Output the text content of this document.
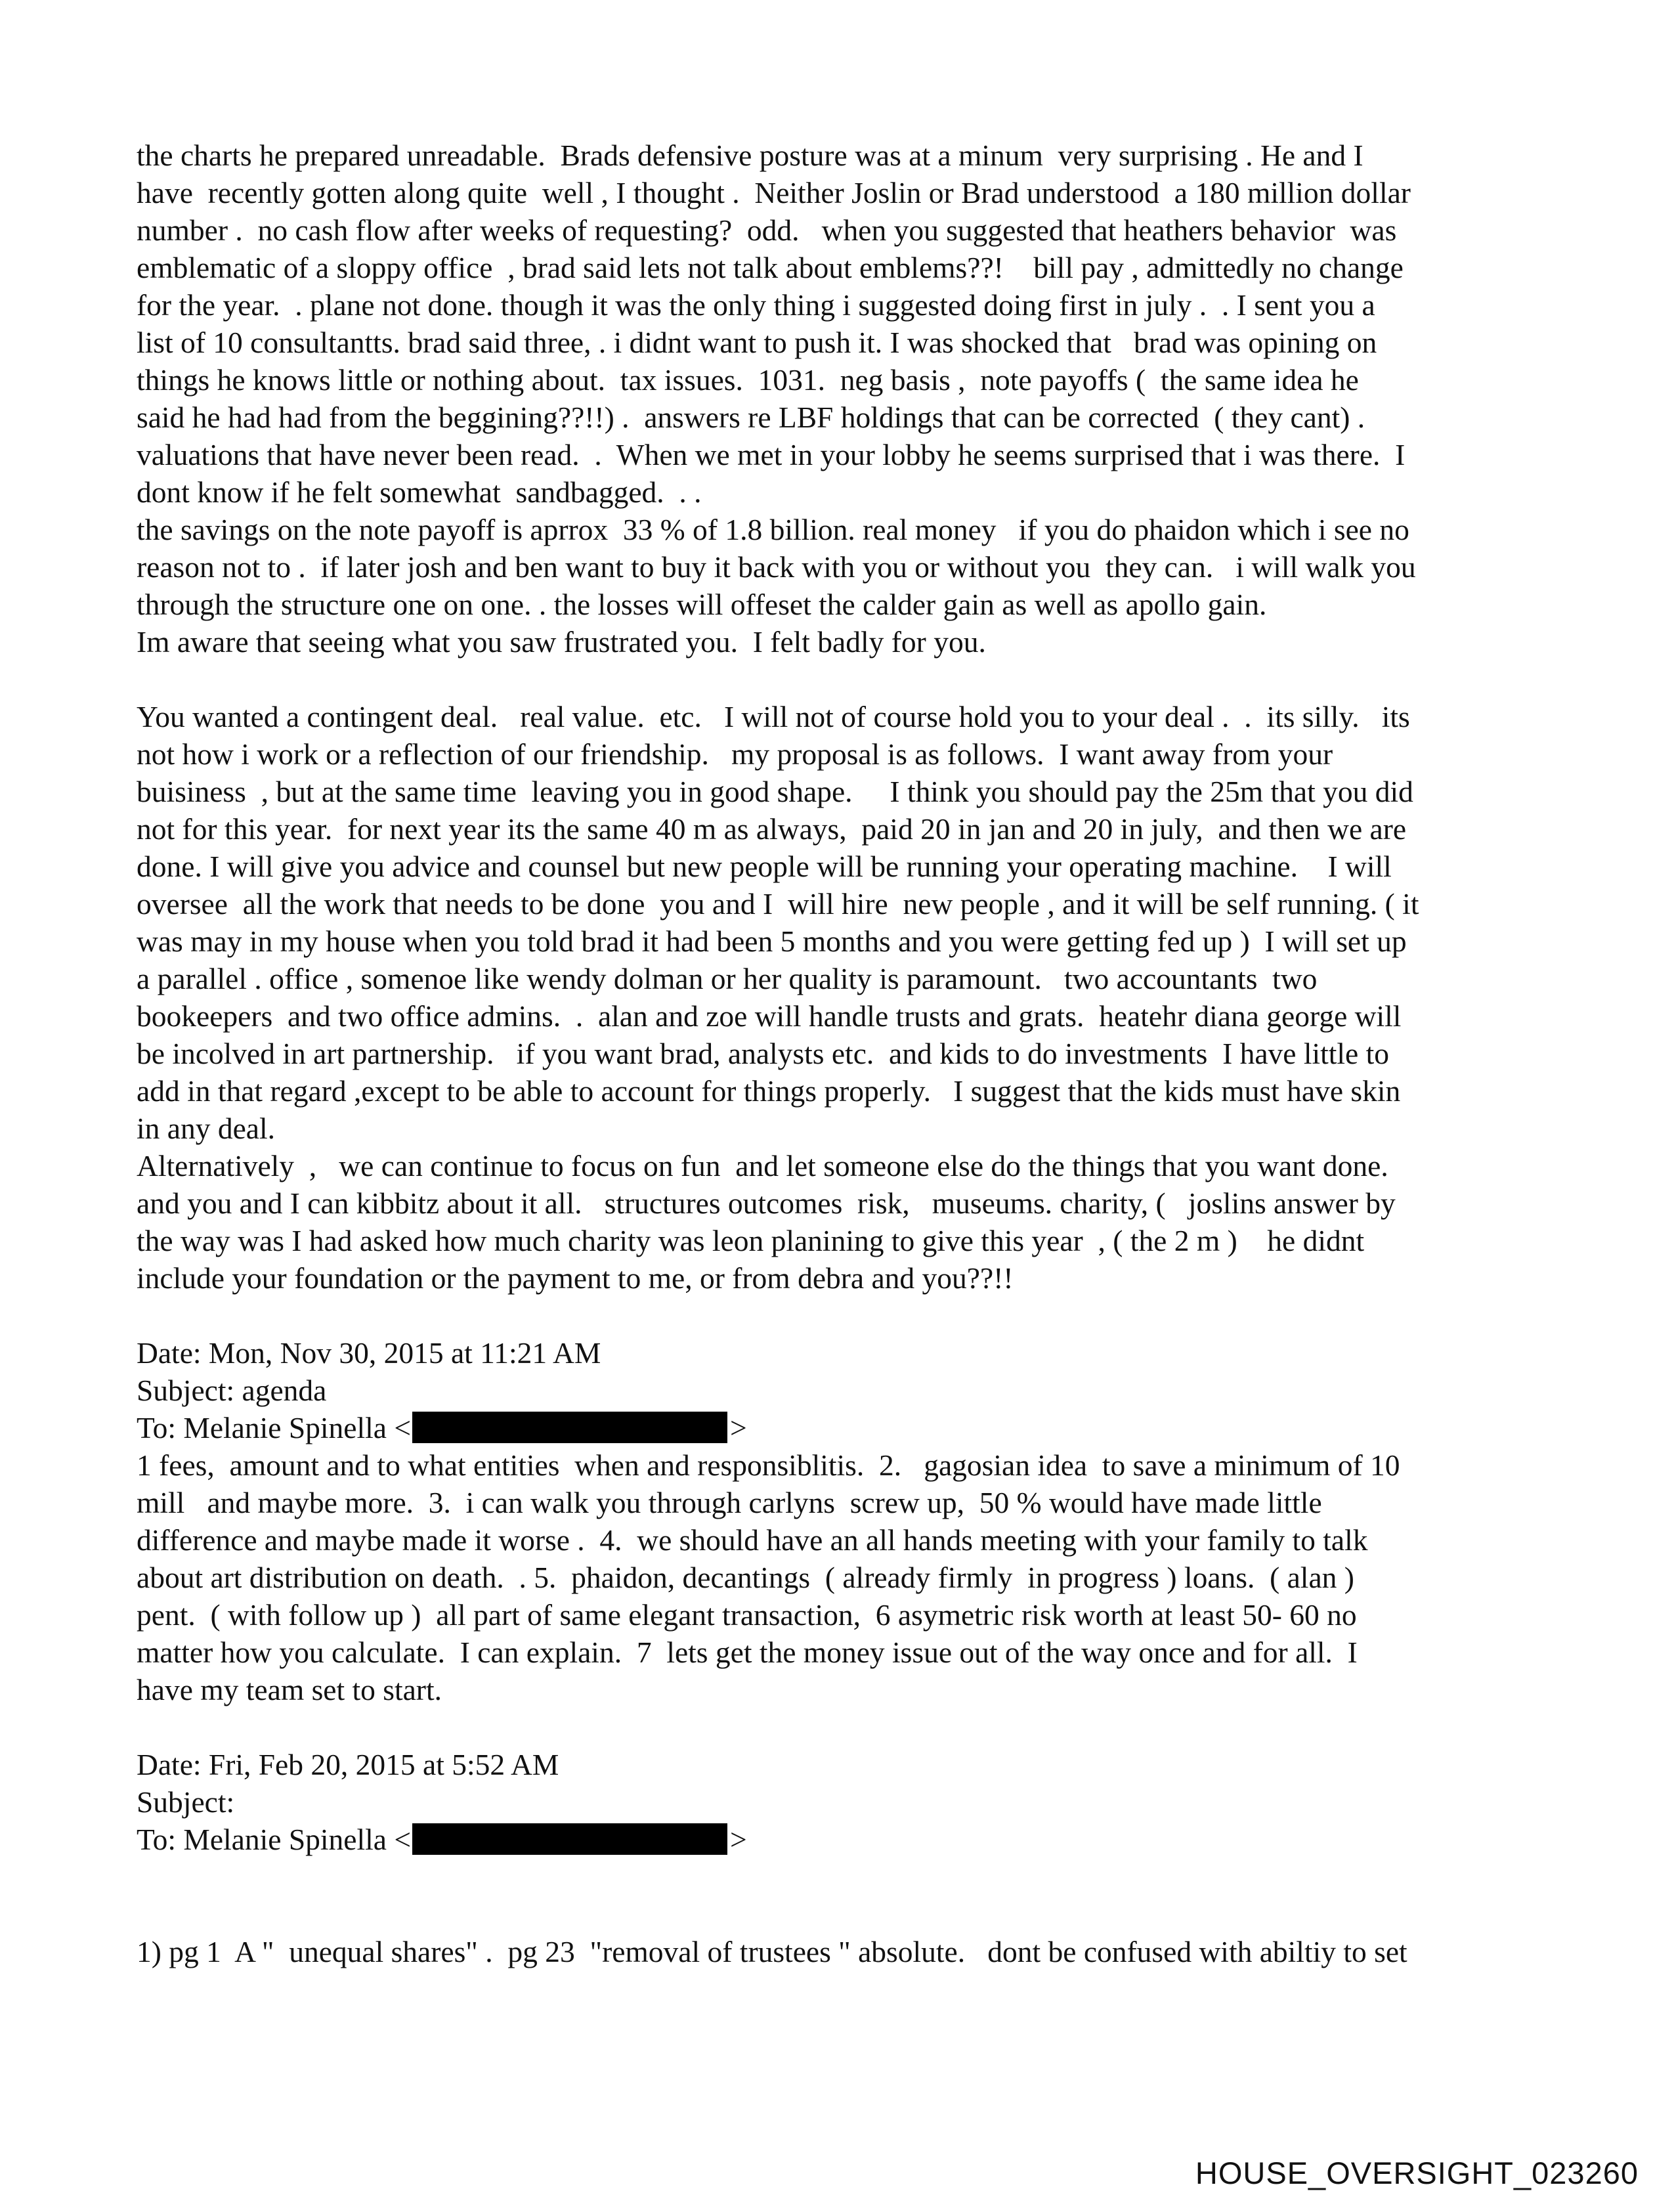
the charts he prepared unreadable.  Brads defensive posture was at a minum  very surprising . He and I
have  recently gotten along quite  well , I thought .  Neither Joslin or Brad understood  a 180 million dollar
number .  no cash flow after weeks of requesting?  odd.   when you suggested that heathers behavior  was
emblematic of a sloppy office  , brad said lets not talk about emblems??!    bill pay , admittedly no change
for the year.  . plane not done. though it was the only thing i suggested doing first in july .  . I sent you a
list of 10 consultantts. brad said three, . i didnt want to push it. I was shocked that   brad was opining on
things he knows little or nothing about.  tax issues.  1031.  neg basis ,  note payoffs (  the same idea he
said he had had from the beggining??!!) .  answers re LBF holdings that can be corrected  ( they cant) .
valuations that have never been read.  .  When we met in your lobby he seems surprised that i was there.  I
dont know if he felt somewhat  sandbagged.  . .
the savings on the note payoff is aprrox  33 % of 1.8 billion. real money   if you do phaidon which i see no
reason not to .  if later josh and ben want to buy it back with you or without you  they can.   i will walk you
through the structure one on one. . the losses will offeset the calder gain as well as apollo gain.
Im aware that seeing what you saw frustrated you.  I felt badly for you.
You wanted a contingent deal.   real value.  etc.   I will not of course hold you to your deal .  .  its silly.   its
not how i work or a reflection of our friendship.   my proposal is as follows.  I want away from your
buisiness  , but at the same time  leaving you in good shape.     I think you should pay the 25m that you did
not for this year.  for next year its the same 40 m as always,  paid 20 in jan and 20 in july,  and then we are
done. I will give you advice and counsel but new people will be running your operating machine.    I will
oversee  all the work that needs to be done  you and I  will hire  new people , and it will be self running. ( it
was may in my house when you told brad it had been 5 months and you were getting fed up )  I will set up
a parallel . office , somenoe like wendy dolman or her quality is paramount.   two accountants  two
bookeepers  and two office admins.  .  alan and zoe will handle trusts and grats.  heatehr diana george will
be incolved in art partnership.   if you want brad, analysts etc.  and kids to do investments  I have little to
add in that regard ,except to be able to account for things properly.   I suggest that the kids must have skin
in any deal.
Alternatively  ,   we can continue to focus on fun  and let someone else do the things that you want done.
and you and I can kibbitz about it all.   structures outcomes  risk,   museums. charity, (   joslins answer by
the way was I had asked how much charity was leon planining to give this year  , ( the 2 m )    he didnt
include your foundation or the payment to me, or from debra and you??!!
Date: Mon, Nov 30, 2015 at 11:21 AM
Subject: agenda
To: Melanie Spinella <	>
1 fees,  amount and to what entities  when and responsiblitis.  2.   gagosian idea  to save a minimum of 10
mill   and maybe more.  3.  i can walk you through carlyns  screw up,  50 % would have made little
difference and maybe made it worse .  4.  we should have an all hands meeting with your family to talk
about art distribution on death.  . 5.  phaidon, decantings  ( already firmly  in progress ) loans.  ( alan )
pent.  ( with follow up )  all part of same elegant transaction,  6 asymetric risk worth at least 50- 60 no
matter how you calculate.  I can explain.  7  lets get the money issue out of the way once and for all.  I
have my team set to start.
Date: Fri, Feb 20, 2015 at 5:52 AM
Subject:
To: Melanie Spinella <	>
1) pg 1  A "  unequal shares" .  pg 23  "removal of trustees " absolute.   dont be confused with abiltiy to set
HOUSE_OVERSIGHT_023260
